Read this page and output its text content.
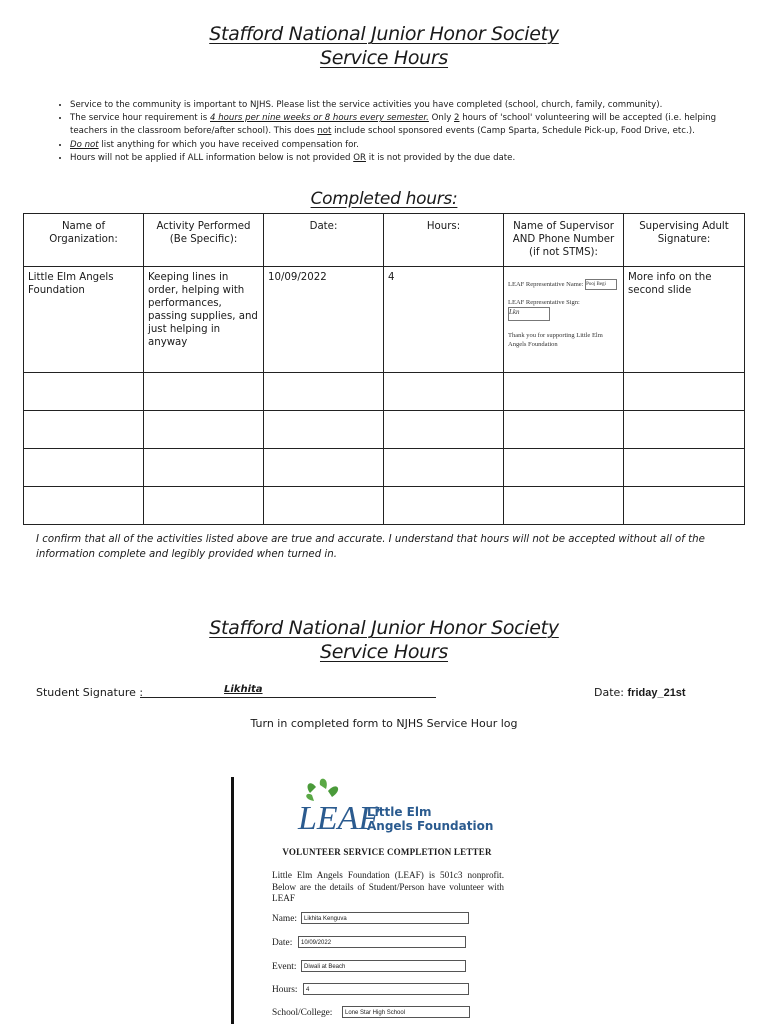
Stafford National Junior Honor Society
Service Hours
• Service to the community is important to NJHS. Please list the service activities you have completed (school, church, family, community).
• The service hour requirement is 4 hours per nine weeks or 8 hours every semester. Only 2 hours of 'school' volunteering will be accepted (i.e. helping teachers in the classroom before/after school). This does not include school sponsored events (Camp Sparta, Schedule Pick-up, Food Drive, etc.).
• Do not list anything for which you have received compensation for.
• Hours will not be applied if ALL information below is not provided OR it is not provided by the due date.
Completed hours:
Name of Organization:	Activity Performed (Be Specific):	Date:	Hours:	Name of Supervisor AND Phone Number (if not STMS):	Supervising Adult Signature:
Little Elm Angels Foundation	Keeping lines in order, helping with performances, passing supplies, and just helping in anyway	10/09/2022	4	LEAF Representative Name: Pooj Begi
LEAF Representative Sign: Lkn
Thank you for supporting Little Elm Angels Foundation	More info on the second slide

I confirm that all of the activities listed above are true and accurate. I understand that hours will not be accepted without all of the information complete and legibly provided when turned in.
Stafford National Junior Honor Society
Service Hours
Student Signature :	Likhita	Date: friday_21st
Turn in completed form to NJHS Service Hour log
LEAF
Little Elm
Angels Foundation
VOLUNTEER SERVICE COMPLETION LETTER
Little Elm Angels Foundation (LEAF) is 501c3 nonprofit. Below are the details of Student/Person have volunteer with LEAF
Name:	Likhita Kenguva
Date:	10/09/2022
Event:	Diwali at Beach
Hours:	4
School/College:	Lone Star High School
